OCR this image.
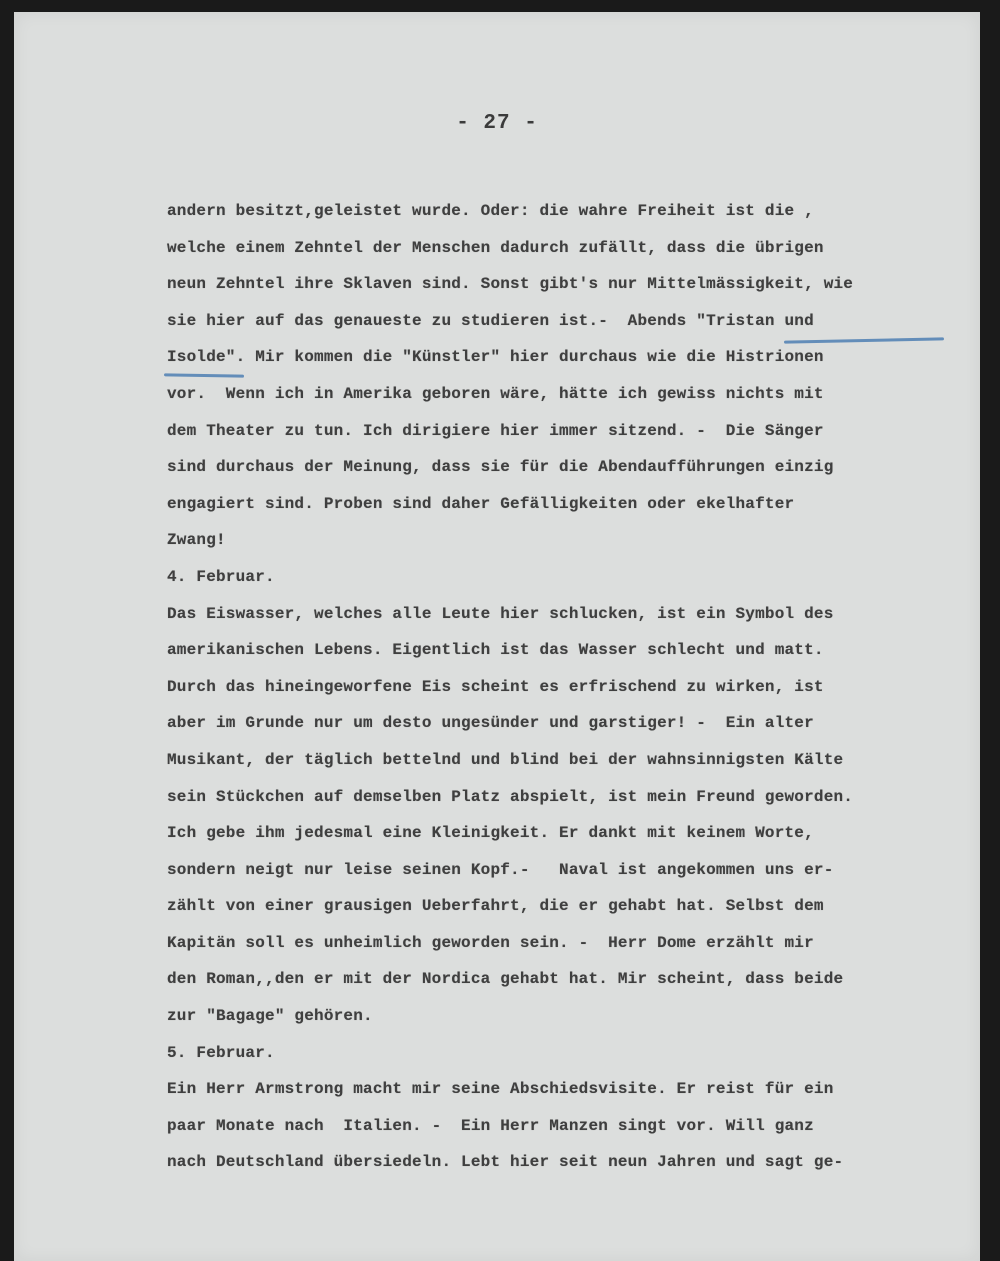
- 27 -
andern besitzt,geleistet wurde. Oder: die wahre Freiheit ist die ,
welche einem Zehntel der Menschen dadurch zufällt, dass die übrigen
neun Zehntel ihre Sklaven sind. Sonst gibt's nur Mittelmässigkeit, wie
sie hier auf das genaueste zu studieren ist.-  Abends "Tristan und
Isolde". Mir kommen die "Künstler" hier durchaus wie die Histrionen
vor.  Wenn ich in Amerika geboren wäre, hätte ich gewiss nichts mit
dem Theater zu tun. Ich dirigiere hier immer sitzend. -  Die Sänger
sind durchaus der Meinung, dass sie für die Abendaufführungen einzig
engagiert sind. Proben sind daher Gefälligkeiten oder ekelhafter
Zwang!
4. Februar.
Das Eiswasser, welches alle Leute hier schlucken, ist ein Symbol des
amerikanischen Lebens. Eigentlich ist das Wasser schlecht und matt.
Durch das hineingeworfene Eis scheint es erfrischend zu wirken, ist
aber im Grunde nur um desto ungesünder und garstiger! -  Ein alter
Musikant, der täglich bettelnd und blind bei der wahnsinnigsten Kälte
sein Stückchen auf demselben Platz abspielt, ist mein Freund geworden.
Ich gebe ihm jedesmal eine Kleinigkeit. Er dankt mit keinem Worte,
sondern neigt nur leise seinen Kopf.-   Naval ist angekommen uns er-
zählt von einer grausigen Ueberfahrt, die er gehabt hat. Selbst dem
Kapitän soll es unheimlich geworden sein. -  Herr Dome erzählt mir
den Roman,,den er mit der Nordica gehabt hat. Mir scheint, dass beide
zur "Bagage" gehören.
5. Februar.
Ein Herr Armstrong macht mir seine Abschiedsvisite. Er reist für ein
paar Monate nach  Italien. -  Ein Herr Manzen singt vor. Will ganz
nach Deutschland übersiedeln. Lebt hier seit neun Jahren und sagt ge-
